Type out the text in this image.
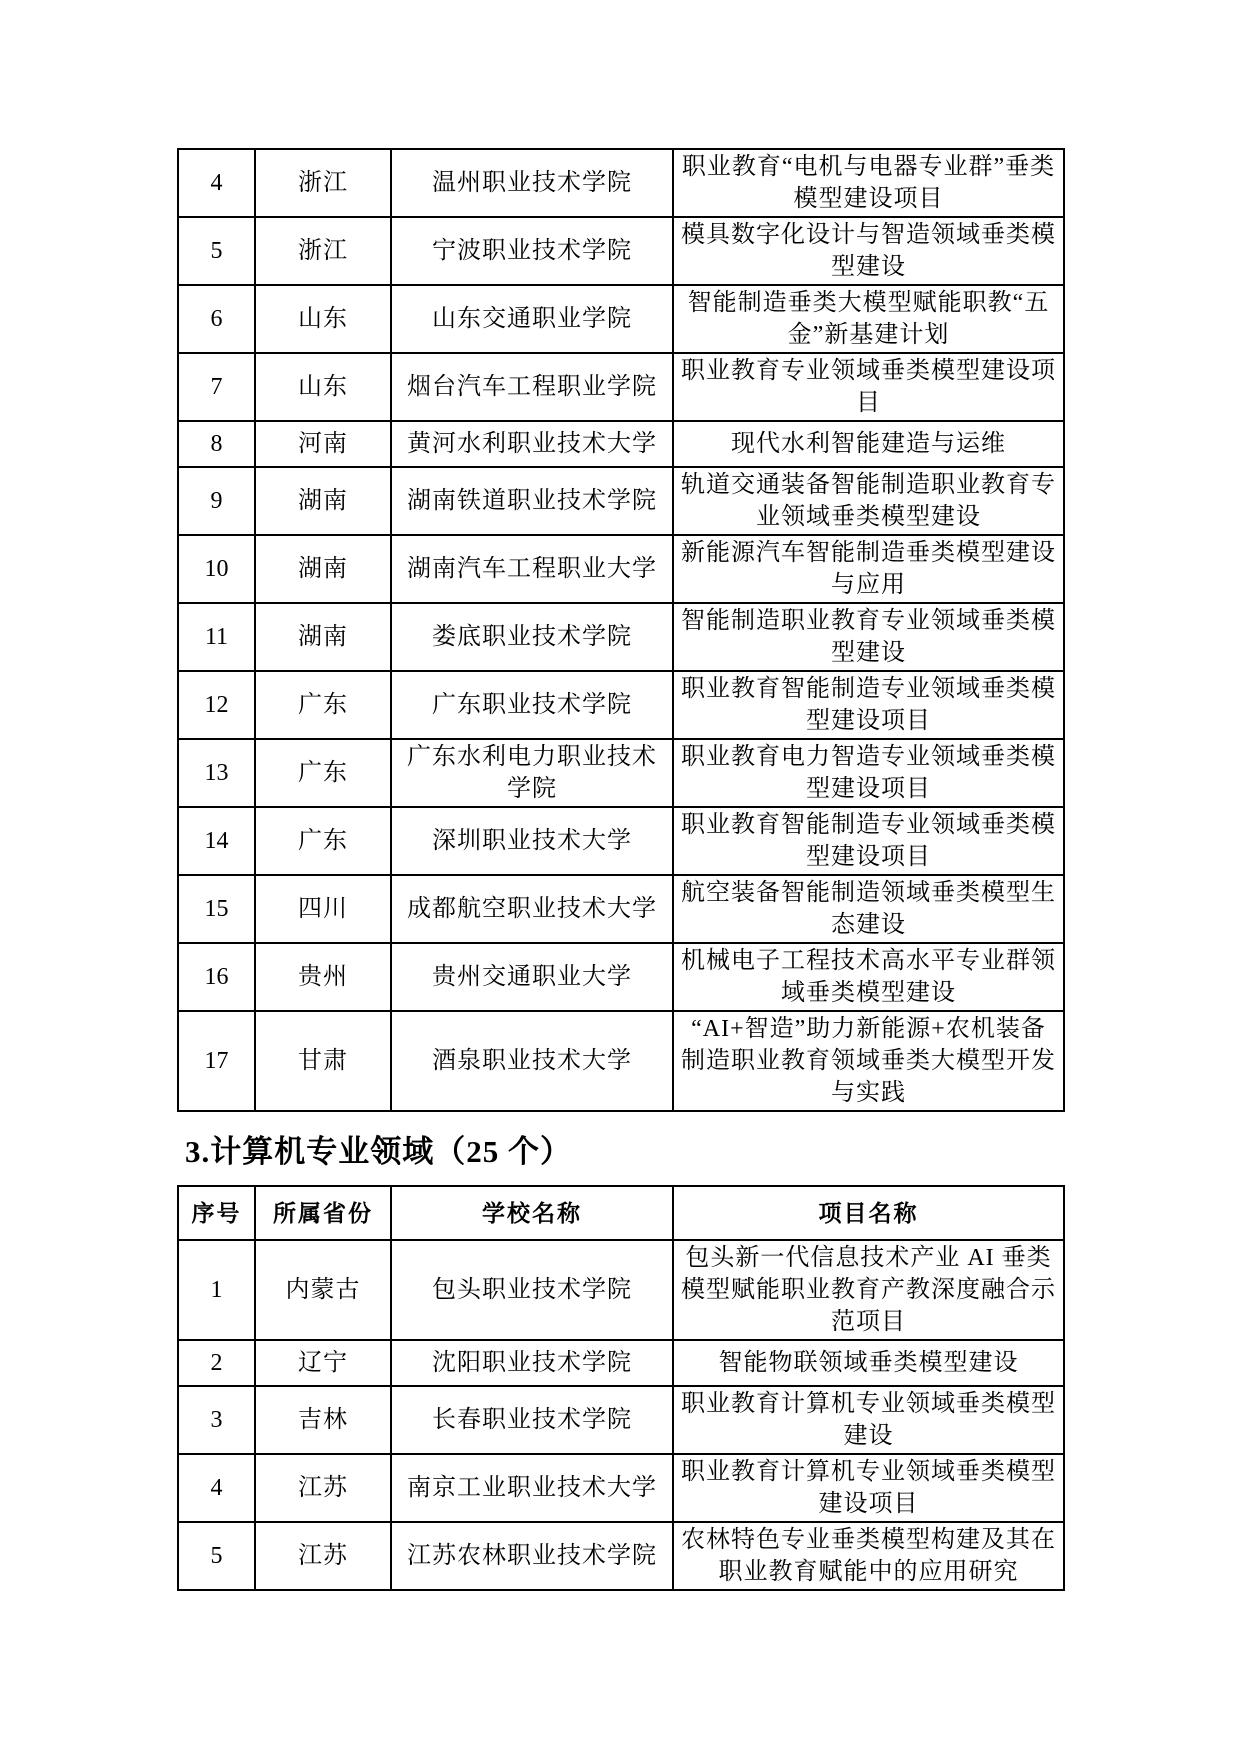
4	浙江	温州职业技术学院	职业教育“电机与电器专业群”垂类模型建设项目
5	浙江	宁波职业技术学院	模具数字化设计与智造领域垂类模型建设
6	山东	山东交通职业学院	智能制造垂类大模型赋能职教“五金”新基建计划
7	山东	烟台汽车工程职业学院	职业教育专业领域垂类模型建设项目
8	河南	黄河水利职业技术大学	现代水利智能建造与运维
9	湖南	湖南铁道职业技术学院	轨道交通装备智能制造职业教育专业领域垂类模型建设
10	湖南	湖南汽车工程职业大学	新能源汽车智能制造垂类模型建设与应用
11	湖南	娄底职业技术学院	智能制造职业教育专业领域垂类模型建设
12	广东	广东职业技术学院	职业教育智能制造专业领域垂类模型建设项目
13	广东	广东水利电力职业技术学院	职业教育电力智造专业领域垂类模型建设项目
14	广东	深圳职业技术大学	职业教育智能制造专业领域垂类模型建设项目
15	四川	成都航空职业技术大学	航空装备智能制造领域垂类模型生态建设
16	贵州	贵州交通职业大学	机械电子工程技术高水平专业群领域垂类模型建设
17	甘肃	酒泉职业技术大学	“AI+智造”助力新能源+农机装备制造职业教育领域垂类大模型开发与实践
3.计算机专业领域（25 个）
序号	所属省份	学校名称	项目名称
1	内蒙古	包头职业技术学院	包头新一代信息技术产业 AI 垂类模型赋能职业教育产教深度融合示范项目
2	辽宁	沈阳职业技术学院	智能物联领域垂类模型建设
3	吉林	长春职业技术学院	职业教育计算机专业领域垂类模型建设
4	江苏	南京工业职业技术大学	职业教育计算机专业领域垂类模型建设项目
5	江苏	江苏农林职业技术学院	农林特色专业垂类模型构建及其在职业教育赋能中的应用研究
